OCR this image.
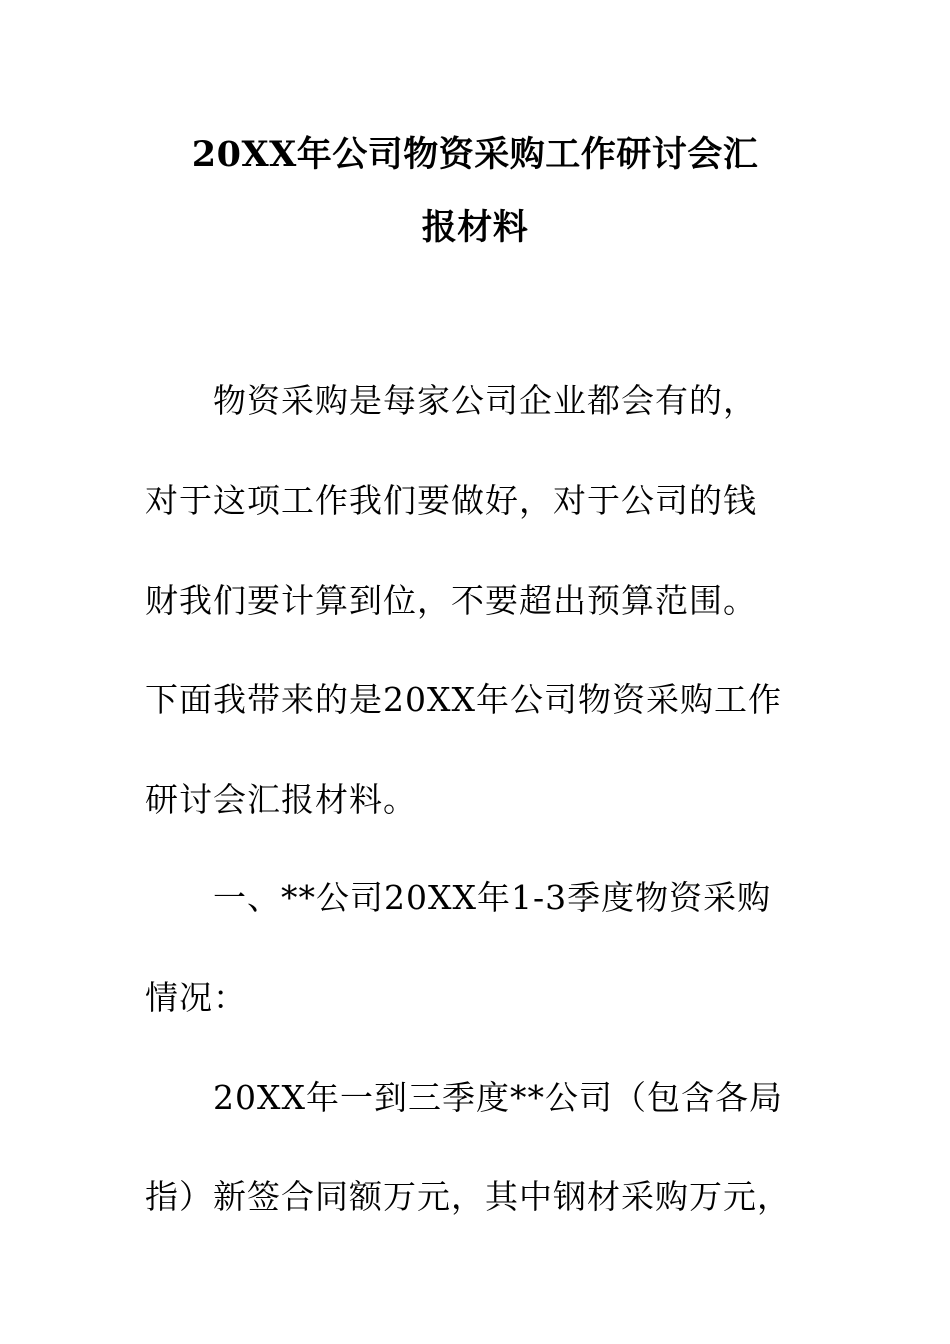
20XX年公司物资采购工作研讨会汇
报材料
物资采购是每家公司企业都会有的，
对于这项工作我们要做好，对于公司的钱
财我们要计算到位，不要超出预算范围。
下面我带来的是20XX年公司物资采购工作
研讨会汇报材料。
一、**公司20XX年1-3季度物资采购
情况：
20XX年一到三季度**公司（包含各局
指）新签合同额万元，其中钢材采购万元，
